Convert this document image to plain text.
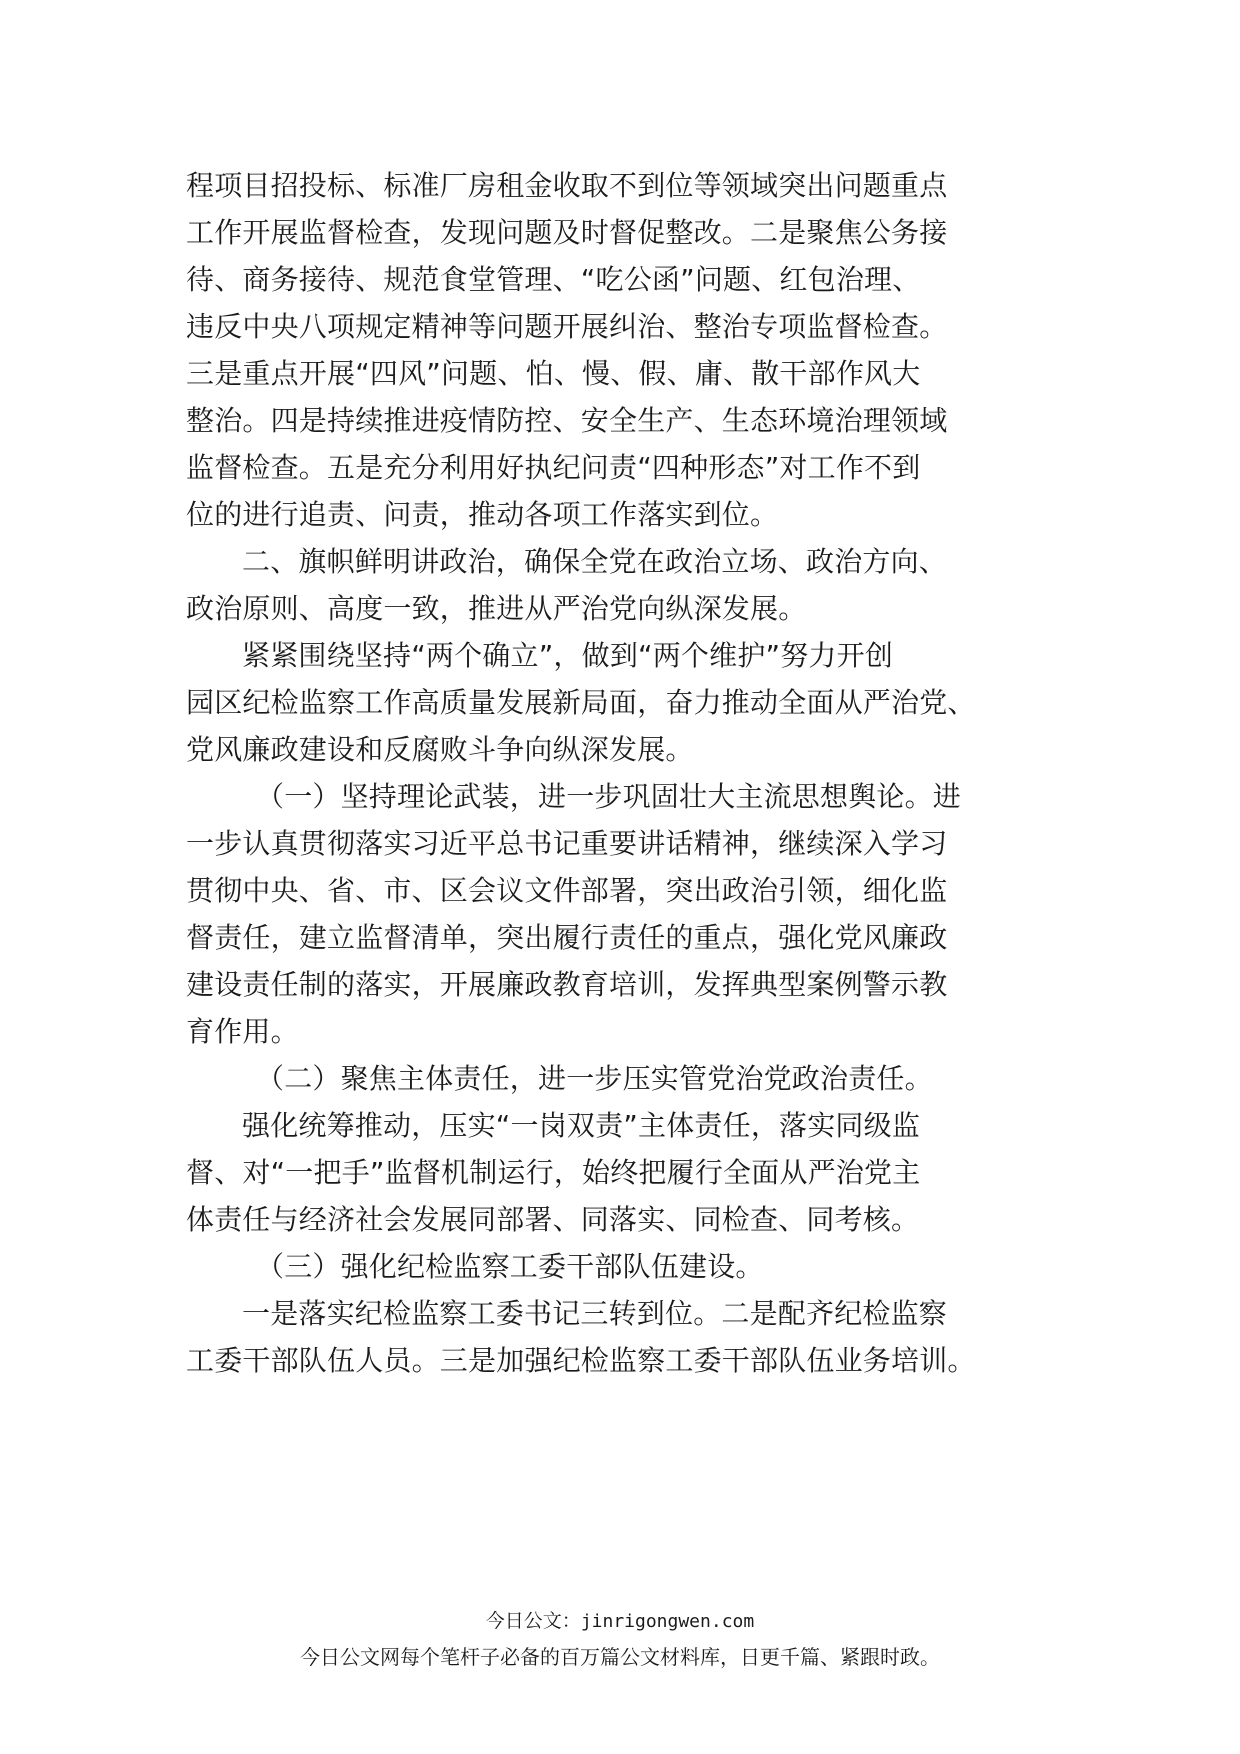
程项目招投标、标准厂房租金收取不到位等领域突出问题重点
工作开展监督检查，发现问题及时督促整改。二是聚焦公务接
待、商务接待、规范食堂管理、“吃公函”问题、红包治理、
违反中央八项规定精神等问题开展纠治、整治专项监督检查。
三是重点开展“四风”问题、怕、慢、假、庸、散干部作风大
整治。四是持续推进疫情防控、安全生产、生态环境治理领域
监督检查。五是充分利用好执纪问责“四种形态”对工作不到
位的进行追责、问责，推动各项工作落实到位。
二、旗帜鲜明讲政治，确保全党在政治立场、政治方向、
政治原则、高度一致，推进从严治党向纵深发展。
紧紧围绕坚持“两个确立”，做到“两个维护”努力开创
园区纪检监察工作高质量发展新局面，奋力推动全面从严治党、
党风廉政建设和反腐败斗争向纵深发展。
（一）坚持理论武装，进一步巩固壮大主流思想舆论。进
一步认真贯彻落实习近平总书记重要讲话精神，继续深入学习
贯彻中央、省、市、区会议文件部署，突出政治引领，细化监
督责任，建立监督清单，突出履行责任的重点，强化党风廉政
建设责任制的落实，开展廉政教育培训，发挥典型案例警示教
育作用。
（二）聚焦主体责任，进一步压实管党治党政治责任。
强化统筹推动，压实“一岗双责”主体责任，落实同级监
督、对“一把手”监督机制运行，始终把履行全面从严治党主
体责任与经济社会发展同部署、同落实、同检查、同考核。
（三）强化纪检监察工委干部队伍建设。
一是落实纪检监察工委书记三转到位。二是配齐纪检监察
工委干部队伍人员。三是加强纪检监察工委干部队伍业务培训。
今日公文：jinrigongwen.com
今日公文网每个笔杆子必备的百万篇公文材料库，日更千篇、紧跟时政。
